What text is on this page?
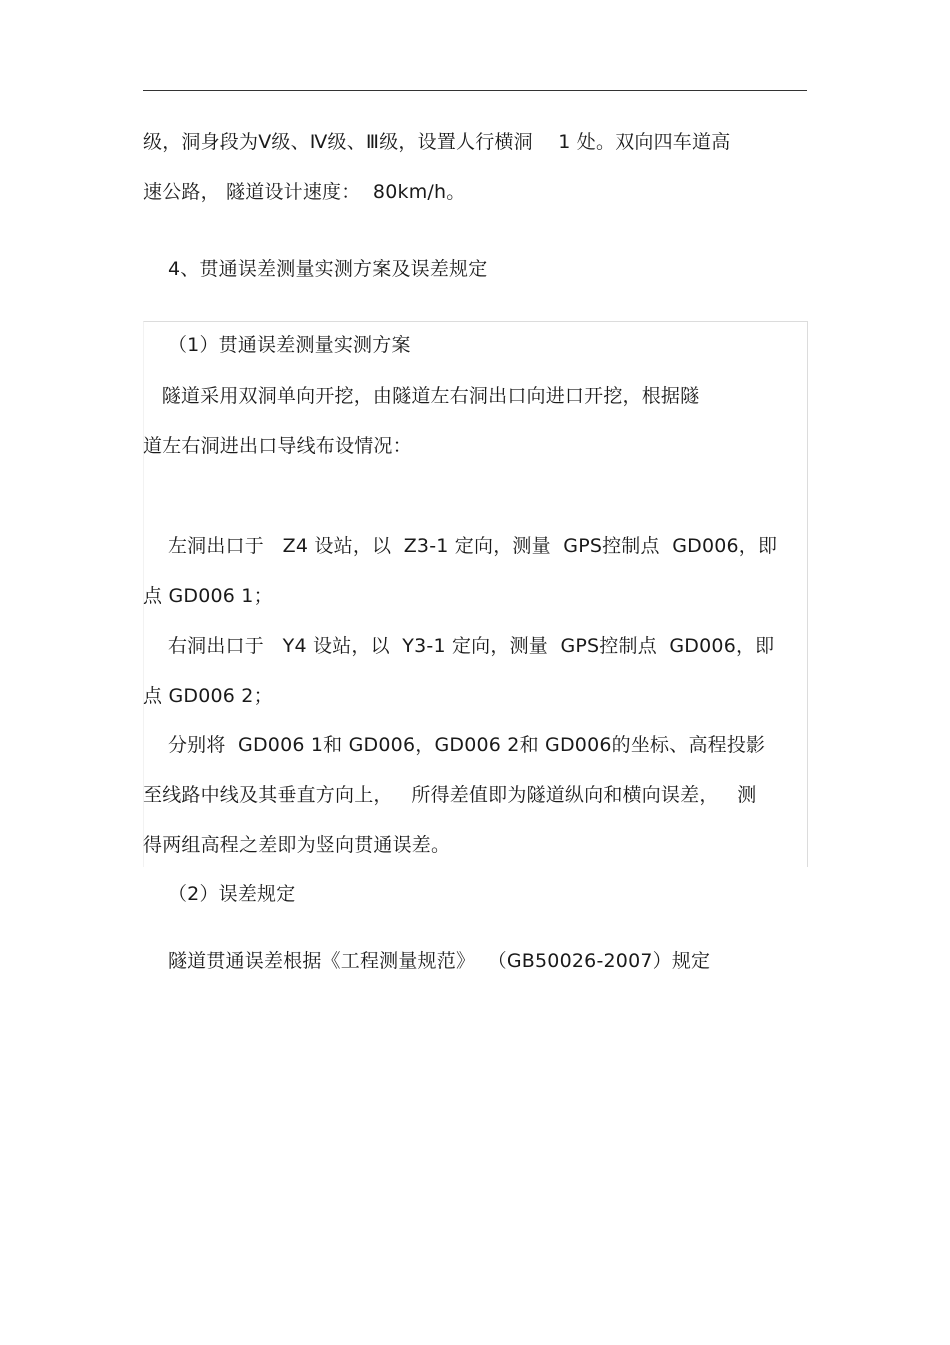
级，洞身段为Ⅴ级、Ⅳ级、Ⅲ级，设置人行横洞　 1 处。双向四车道高
速公路， 隧道设计速度：  80km/h。
4、贯通误差测量实测方案及误差规定
（1）贯通误差测量实测方案
隧道采用双洞单向开挖，由隧道左右洞出口向进口开挖，根据隧
道左右洞进出口导线布设情况：
左洞出口于   Z4 设站，以  Z3-1 定向，测量  GPS控制点  GD006，即
点 GD006 1；
右洞出口于   Y4 设站，以  Y3-1 定向，测量  GPS控制点  GD006，即
点 GD006 2；
分别将  GD006 1和 GD006，GD006 2和 GD006的坐标、高程投影
至线路中线及其垂直方向上，   所得差值即为隧道纵向和横向误差，   测
得两组高程之差即为竖向贯通误差。
（2）误差规定
隧道贯通误差根据《工程测量规范》  （GB50026-2007）规定
